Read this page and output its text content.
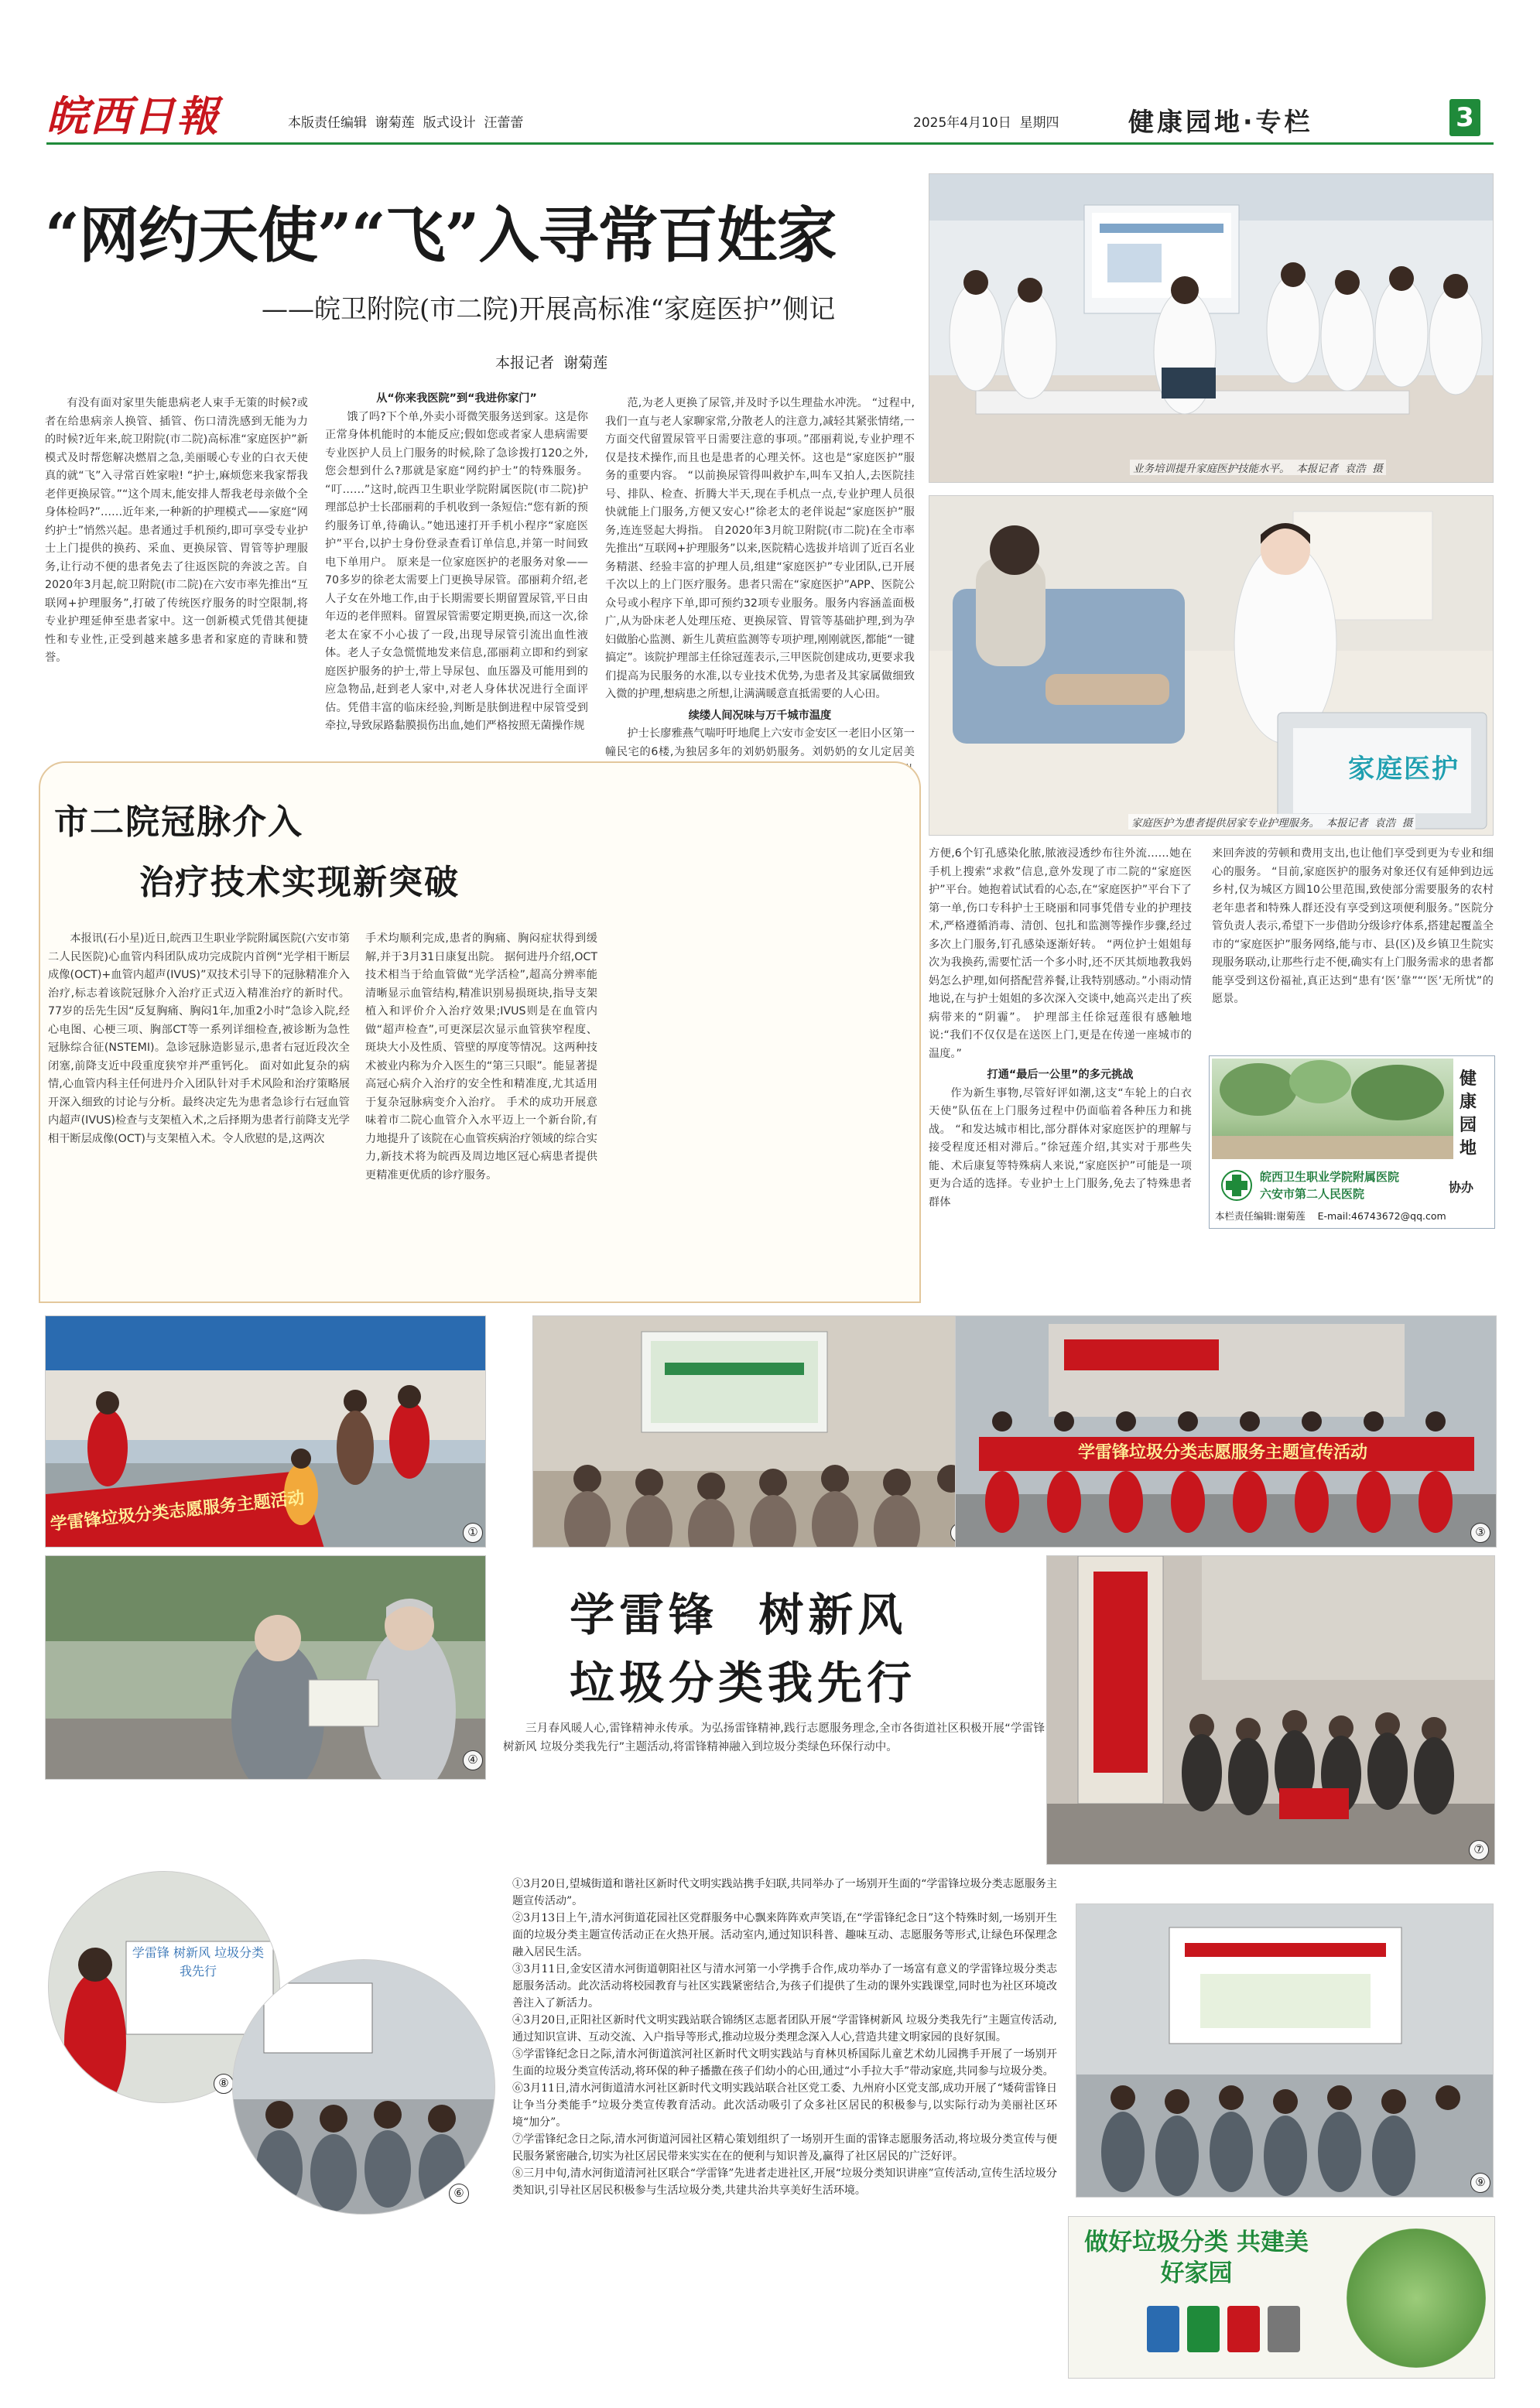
皖西日報	本版责任编辑  谢菊莲  版式设计  汪蕾蕾	2025年4月10日  星期四	健康园地·专栏	3
“网约天使”“飞”入寻常百姓家
——皖卫附院(市二院)开展高标准“家庭医护”侧记
本报记者  谢菊莲
业务培训提升家庭医护技能水平。  本报记者  袁浩  摄
家庭医护
家庭医护为患者提供居家专业护理服务。  本报记者  袁浩  摄
有没有面对家里失能患病老人束手无策的时候?或者在给患病亲人换管、插管、伤口清洗感到无能为力的时候?近年来,皖卫附院(市二院)高标准“家庭医护”新模式及时帮您解决燃眉之急,美丽暖心专业的白衣天使真的就“飞”入寻常百姓家啦! “护士,麻烦您来我家帮我老伴更换尿管。”“这个周末,能安排人帮我老母亲做个全身体检吗?”……近年来,一种新的护理模式——家庭“网约护士”悄然兴起。患者通过手机预约,即可享受专业护士上门提供的换药、采血、更换尿管、胃管等护理服务,让行动不便的患者免去了往返医院的奔波之苦。自2020年3月起,皖卫附院(市二院)在六安市率先推出“互联网+护理服务”,打破了传统医疗服务的时空限制,将专业护理延伸至患者家中。这一创新模式凭借其便捷性和专业性,正受到越来越多患者和家庭的青睐和赞誉。

从“你来我医院”到“我进你家门”

饿了吗?下个单,外卖小哥微笑服务送到家。这是你正常身体机能时的本能反应;假如您或者家人患病需要专业医护人员上门服务的时候,除了急诊拨打120之外,您会想到什么?那就是家庭“网约护士”的特殊服务。 “叮……”这时,皖西卫生职业学院附属医院(市二院)护理部总护士长邵丽莉的手机收到一条短信:“您有新的预约服务订单,待确认。”她迅速打开手机小程序“家庭医护”平台,以护士身份登录查看订单信息,并第一时间致电下单用户。 原来是一位家庭医护的老服务对象——70多岁的徐老太需要上门更换导尿管。邵丽莉介绍,老人子女在外地工作,由于长期需要长期留置尿管,平日由年迈的老伴照料。留置尿管需要定期更换,而这一次,徐老太在家不小心拔了一段,出现导尿管引流出血性液体。老人子女急慌慌地发来信息,邵丽莉立即和约到家庭医护服务的护士,带上导尿包、血压器及可能用到的应急物品,赶到老人家中,对老人身体状况进行全面评估。凭借丰富的临床经验,判断是肤倒进程中尿管受到牵拉,导致尿路黏膜损伤出血,她们严格按照无菌操作规

范,为老人更换了尿管,并及时予以生理盐水冲洗。 “过程中,我们一直与老人家聊家常,分散老人的注意力,减轻其紧张情绪,一方面交代留置尿管平日需要注意的事项。”邵丽莉说,专业护理不仅是技术操作,而且也是患者的心理关怀。这也是“家庭医护”服务的重要内容。 “以前换尿管得叫救护车,叫车又拍人,去医院挂号、排队、检查、折腾大半天,现在手机点一点,专业护理人员很快就能上门服务,方便又安心!”徐老太的老伴说起“家庭医护”服务,连连竖起大拇指。 自2020年3月皖卫附院(市二院)在全市率先推出“互联网+护理服务”以来,医院精心选拔并培训了近百名业务精湛、经验丰富的护理人员,组建“家庭医护”专业团队,已开展千次以上的上门医疗服务。患者只需在“家庭医护”APP、医院公众号或小程序下单,即可预约32项专业服务。服务内容涵盖面极广,从为卧床老人处理压疮、更换尿管、胃管等基础护理,到为孕妇做胎心监测、新生儿黄疸监测等专项护理,刚刚就医,都能“一键搞定”。该院护理部主任徐冠莲表示,三甲医院创建成功,更要求我们提高为民服务的水准,以专业技术优势,为患者及其家属做细致入微的护理,想病患之所想,让满满暖意直抵需要的人心田。

续缕人间况味与万千城市温度

护士长廖雅燕气喘吁吁地爬上六安市金安区一老旧小区第一幢民宅的6楼,为独居多年的刘奶奶服务。刘奶奶的女儿定居美

方便,6个钉孔感染化脓,脓液浸透纱布往外流……她在手机上搜索“求救”信息,意外发现了市二院的“家庭医护”平台。她抱着试试看的心态,在“家庭医护”平台下了第一单,伤口专科护士王晓丽和同事凭借专业的护理技术,严格遵循消毒、清创、包扎和监测等操作步骤,经过多次上门服务,钉孔感染逐渐好转。 “两位护士姐姐每次为我换药,需要忙活一个多小时,还不厌其烦地教我妈妈怎么护理,如何搭配营养餐,让我特别感动。”小雨动情地说,在与护士姐姐的多次深入交谈中,她高兴走出了疾病带来的“阴霾”。 护理部主任徐冠莲很有感触地说:“我们不仅仅是在送医上门,更是在传递一座城市的温度。”

打通“最后一公里”的多元挑战

作为新生事物,尽管好评如潮,这支“车轮上的白衣天使”队伍在上门服务过程中仍面临着各种压力和挑战。 “和发达城市相比,部分群体对家庭医护的理解与接受程度还相对滞后。”徐冠莲介绍,其实对于那些失能、术后康复等特殊病人来说,“家庭医护”可能是一项更为合适的选择。专业护士上门服务,免去了特殊患者群体

来回奔波的劳顿和费用支出,也让他们享受到更为专业和细心的服务。 “目前,家庭医护的服务对象还仅有延伸到边远乡村,仅为城区方圆10公里范围,致使部分需要服务的农村老年患者和特殊人群还没有享受到这项便利服务。”医院分管负责人表示,希望下一步借助分级诊疗体系,搭建起覆盖全市的“家庭医护”服务网络,能与市、县(区)及乡镇卫生院实现服务联动,让那些行走不便,确实有上门服务需求的患者都能享受到这份福祉,真正达到“患有‘医’靠”“‘医’无所忧”的愿景。
健康园地
皖西卫生职业学院附属医院
六安市第二人民医院	协办
本栏责任编辑:谢菊莲    E-mail:46743672@qq.com
市二院冠脉介入
治疗技术实现新突破
本报讯(石小星)近日,皖西卫生职业学院附属医院(六安市第二人民医院)心血管内科团队成功完成院内首例“光学相干断层成像(OCT)+血管内超声(IVUS)”双技术引导下的冠脉精准介入治疗,标志着该院冠脉介入治疗正式迈入精准治疗的新时代。 77岁的岳先生因“反复胸痛、胸闷1年,加重2小时”急诊入院,经心电图、心梗三项、胸部CT等一系列详细检查,被诊断为急性冠脉综合征(NSTEMI)。急诊冠脉造影显示,患者右冠近段次全闭塞,前降支近中段重度狭窄并严重钙化。 面对如此复杂的病情,心血管内科主任何进丹介入团队针对手术风险和治疗策略展开深入细致的讨论与分析。最终决定先为患者急诊行右冠血管内超声(IVUS)检查与支架植入术,之后择期为患者行前降支光学相干断层成像(OCT)与支架植入术。令人欣慰的是,这两次
手术均顺利完成,患者的胸痛、胸闷症状得到缓解,并于3月31日康复出院。 据何进丹介绍,OCT技术相当于给血管做“光学活检”,超高分辨率能清晰显示血管结构,精准识别易损斑块,指导支架植入和评价介入治疗效果;IVUS则是在血管内做“超声检查”,可更深层次显示血管狭窄程度、斑块大小及性质、管壁的厚度等情况。这两种技术被业内称为介入医生的“第三只眼”。能显著提高冠心病介入治疗的安全性和精准度,尤其适用于复杂冠脉病变介入治疗。 手术的成功开展意味着市二院心血管介入水平迈上一个新台阶,有力地提升了该院在心血管疾病治疗领域的综合实力,新技术将为皖西及周边地区冠心病患者提供更精准更优质的诊疗服务。
学雷锋垃圾分类志愿服务主题活动	①
学雷锋垃圾分类志愿服务主题宣传活动
③
④
学雷锋  树新风
垃圾分类我先行
三月春风暖人心,雷锋精神永传承。为弘扬雷锋精神,践行志愿服务理念,全市各街道社区积极开展“学雷锋树新风 垃圾分类我先行”主题活动,将雷锋精神融入到垃圾分类绿色环保行动中。
⑦
学雷锋 树新风 垃圾分类我先行
⑧
⑥

①3月20日,望城街道和谐社区新时代文明实践站携手妇联,共同举办了一场别开生面的“学雷锋垃圾分类志愿服务主题宣传活动”。

②3月13日上午,清水河街道花园社区党群服务中心飘来阵阵欢声笑语,在“学雷锋纪念日”这个特殊时刻,一场别开生面的垃圾分类主题宣传活动正在火热开展。活动室内,通过知识科普、趣味互动、志愿服务等形式,让绿色环保理念融入居民生活。

③3月11日,金安区清水河街道朝阳社区与清水河第一小学携手合作,成功举办了一场富有意义的学雷锋垃圾分类志愿服务活动。此次活动将校园教育与社区实践紧密结合,为孩子们提供了生动的课外实践课堂,同时也为社区环境改善注入了新活力。

④3月20日,正阳社区新时代文明实践站联合锦绣区志愿者团队开展“学雷锋树新风 垃圾分类我先行”主题宣传活动,通过知识宣讲、互动交流、入户指导等形式,推动垃圾分类理念深入人心,营造共建文明家园的良好氛围。

⑤学雷锋纪念日之际,清水河街道滨河社区新时代文明实践站与育林贝桥国际儿童艺术幼儿园携手开展了一场别开生面的垃圾分类宣传活动,将环保的种子播撒在孩子们幼小的心田,通过“小手拉大手”带动家庭,共同参与垃圾分类。

⑥3月11日,清水河街道清水河社区新时代文明实践站联合社区党工委、九州府小区党支部,成功开展了“矮荷雷锋日让争当分类能手”垃圾分类宣传教育活动。此次活动吸引了众多社区居民的积极参与,以实际行动为美丽社区环境“加分”。

⑦学雷锋纪念日之际,清水河街道河园社区精心策划组织了一场别开生面的雷锋志愿服务活动,将垃圾分类宣传与便民服务紧密融合,切实为社区居民带来实实在在的便利与知识普及,赢得了社区居民的广泛好评。

⑧三月中旬,清水河街道清河社区联合“学雷锋”先进者走进社区,开展“垃圾分类知识讲座”宣传活动,宣传生活垃圾分类知识,引导社区居民积极参与生活垃圾分类,共建共治共享美好生活环境。

⑨
做好垃圾分类 共建美好家园
